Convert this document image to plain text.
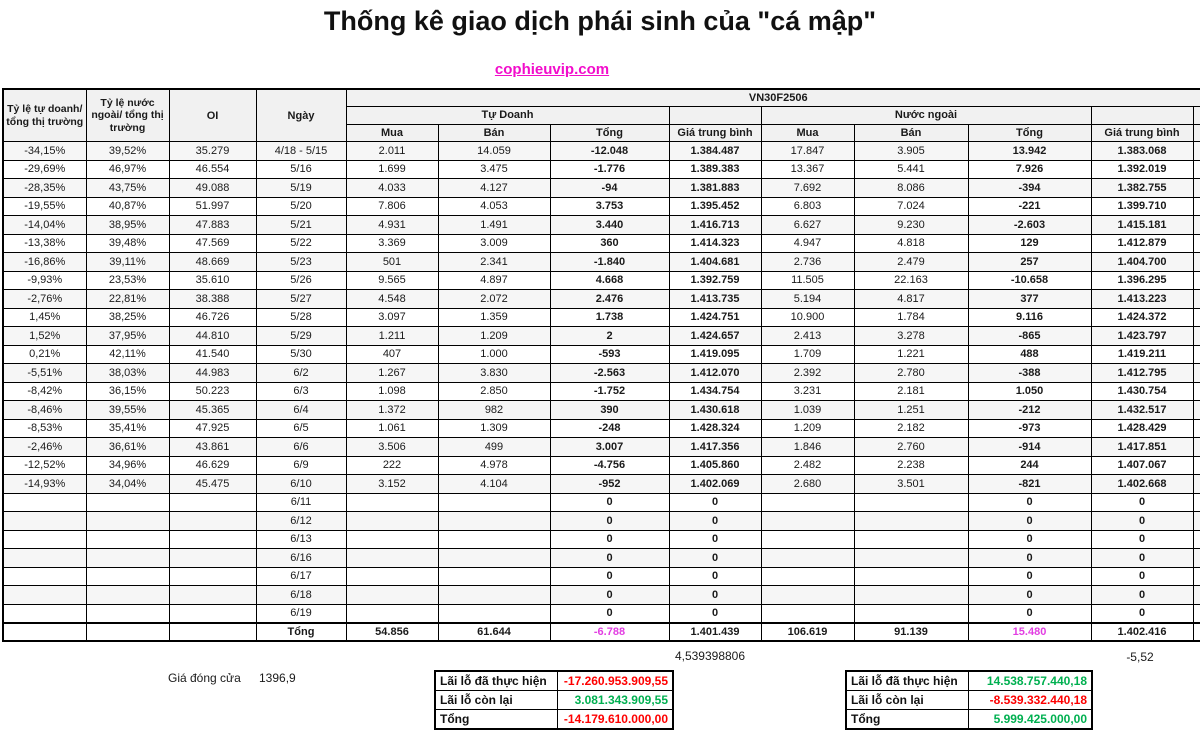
Thống kê giao dịch phái sinh của "cá mập"
cophieuvip.com
Tỷ lệ tự doanh/ tổng thị trường	Tỷ lệ nước ngoài/ tổng thị trường	OI	Ngày	VN30F2506								
				Tự Doanh				Nước ngoài				
				Mua	Bán	Tổng	Giá trung bình	Mua	Bán	Tổng	Giá trung bình	
-34,15%	39,52%	35.279	4/18 - 5/15	2.011	14.059	-12.048	1.384.487	17.847	3.905	13.942	1.383.068	
-29,69%	46,97%	46.554	5/16	1.699	3.475	-1.776	1.389.383	13.367	5.441	7.926	1.392.019	
-28,35%	43,75%	49.088	5/19	4.033	4.127	-94	1.381.883	7.692	8.086	-394	1.382.755	
-19,55%	40,87%	51.997	5/20	7.806	4.053	3.753	1.395.452	6.803	7.024	-221	1.399.710	
-14,04%	38,95%	47.883	5/21	4.931	1.491	3.440	1.416.713	6.627	9.230	-2.603	1.415.181	
-13,38%	39,48%	47.569	5/22	3.369	3.009	360	1.414.323	4.947	4.818	129	1.412.879	
-16,86%	39,11%	48.669	5/23	501	2.341	-1.840	1.404.681	2.736	2.479	257	1.404.700	
-9,93%	23,53%	35.610	5/26	9.565	4.897	4.668	1.392.759	11.505	22.163	-10.658	1.396.295	
-2,76%	22,81%	38.388	5/27	4.548	2.072	2.476	1.413.735	5.194	4.817	377	1.413.223	
1,45%	38,25%	46.726	5/28	3.097	1.359	1.738	1.424.751	10.900	1.784	9.116	1.424.372	
1,52%	37,95%	44.810	5/29	1.211	1.209	2	1.424.657	2.413	3.278	-865	1.423.797	
0,21%	42,11%	41.540	5/30	407	1.000	-593	1.419.095	1.709	1.221	488	1.419.211	
-5,51%	38,03%	44.983	6/2	1.267	3.830	-2.563	1.412.070	2.392	2.780	-388	1.412.795	
-8,42%	36,15%	50.223	6/3	1.098	2.850	-1.752	1.434.754	3.231	2.181	1.050	1.430.754	
-8,46%	39,55%	45.365	6/4	1.372	982	390	1.430.618	1.039	1.251	-212	1.432.517	
-8,53%	35,41%	47.925	6/5	1.061	1.309	-248	1.428.324	1.209	2.182	-973	1.428.429	
-2,46%	36,61%	43.861	6/6	3.506	499	3.007	1.417.356	1.846	2.760	-914	1.417.851	
-12,52%	34,96%	46.629	6/9	222	4.978	-4.756	1.405.860	2.482	2.238	244	1.407.067	
-14,93%	34,04%	45.475	6/10	3.152	4.104	-952	1.402.069	2.680	3.501	-821	1.402.668	
			6/11			0	0			0	0	
			6/12			0	0			0	0	
			6/13			0	0			0	0	
			6/16			0	0			0	0	
			6/17			0	0			0	0	
			6/18			0	0			0	0	
			6/19			0	0			0	0	
			Tổng	54.856	61.644	-6.788	1.401.439	106.619	91.139	15.480	1.402.416	
4,539398806	-5,52
Giá đóng cửa 1396,9	Lãi lỗ đã thực hiện	-17.260.953.909,55
Lãi lỗ còn lại	3.081.343.909,55
Tổng	-14.179.610.000,00
Lãi lỗ đã thực hiện	14.538.757.440,18
Lãi lỗ còn lại	-8.539.332.440,18
Tổng	5.999.425.000,00
